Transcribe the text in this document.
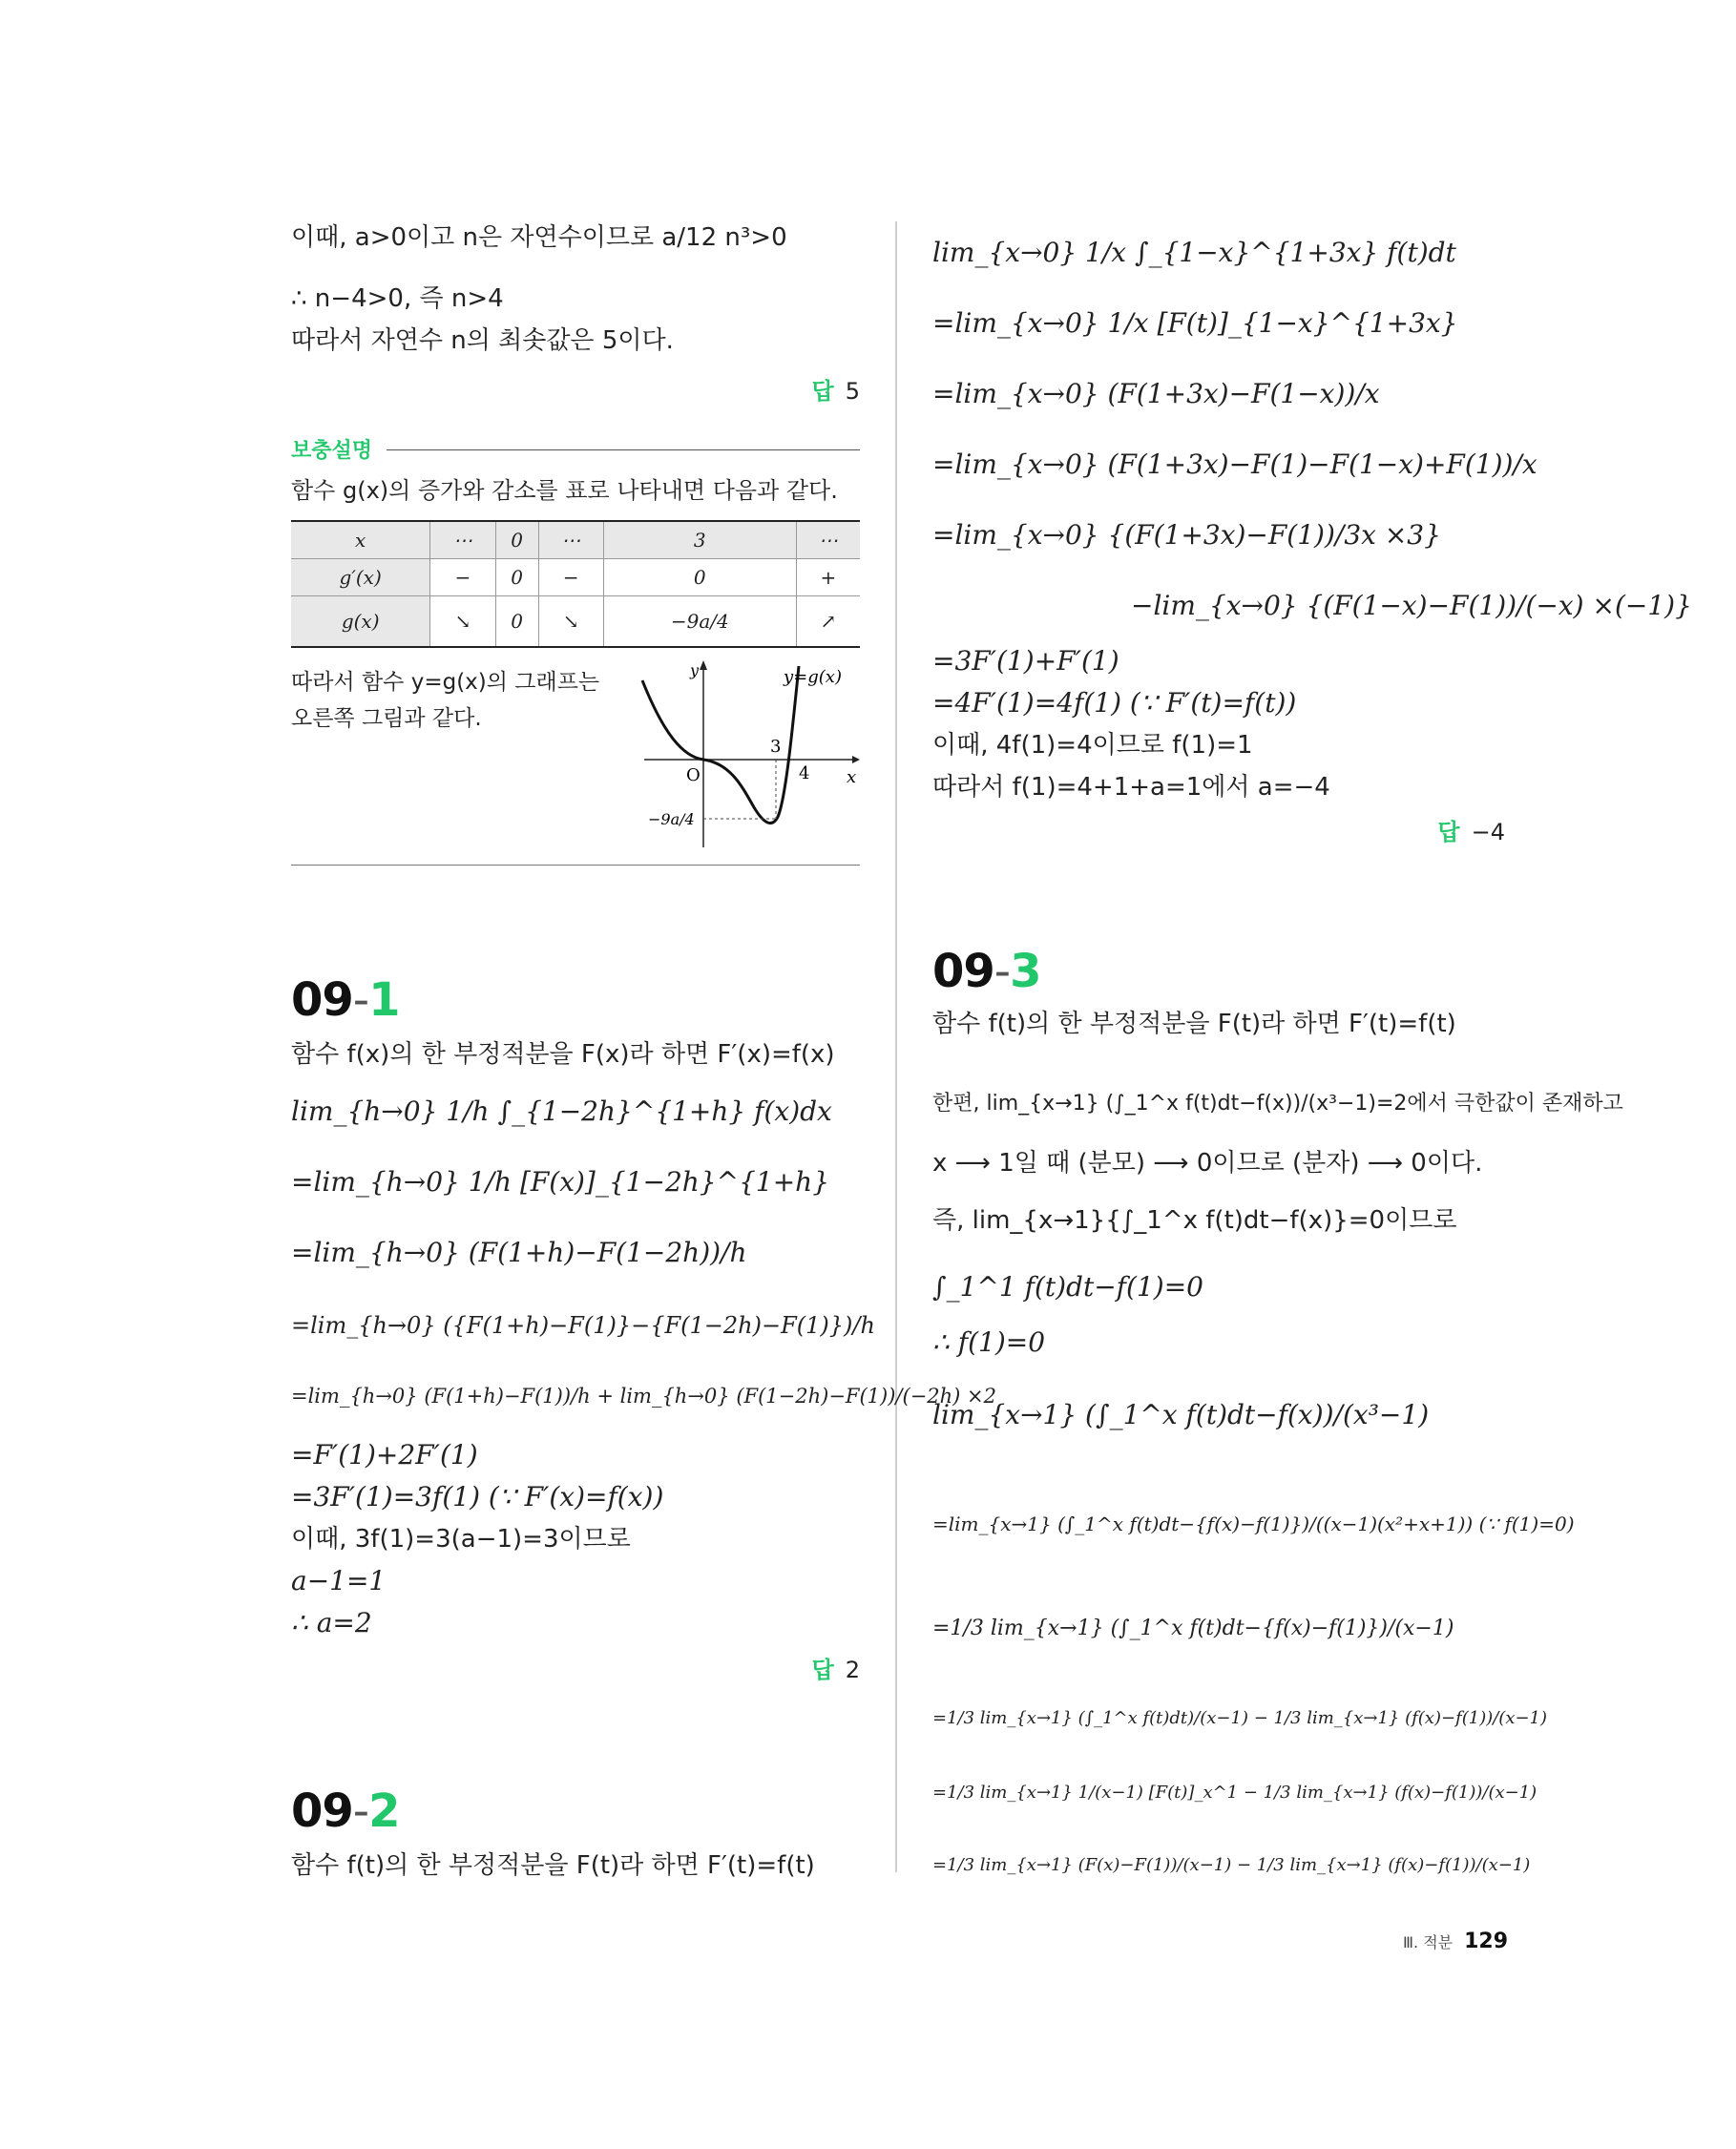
이때, a>0이고 n은 자연수이므로 a/12 n³>0
∴ n−4>0, 즉 n>4
따라서 자연수 n의 최솟값은 5이다.
답 5
보충설명
함수 g(x)의 증가와 감소를 표로 나타내면 다음과 같다.
x	⋯	0	⋯	3	⋯
g′(x)	−	0	−	0	+
g(x)	↘	0	↘	−9a/4	↗
따라서 함수 y=g(x)의 그래프는
오른쪽 그림과 같다.
y
x
y=g(x)
O
3
4
−9a/4
09-1
함수 f(x)의 한 부정적분을 F(x)라 하면 F′(x)=f(x)
lim_{h→0} 1/h ∫_{1−2h}^{1+h} f(x)dx
=lim_{h→0} 1/h [F(x)]_{1−2h}^{1+h}
=lim_{h→0} (F(1+h)−F(1−2h))/h
=lim_{h→0} ({F(1+h)−F(1)}−{F(1−2h)−F(1)})/h
=lim_{h→0} (F(1+h)−F(1))/h + lim_{h→0} (F(1−2h)−F(1))/(−2h) ×2
=F′(1)+2F′(1)
=3F′(1)=3f(1) (∵ F′(x)=f(x))
이때, 3f(1)=3(a−1)=3이므로
a−1=1
∴ a=2
답 2
09-2
함수 f(t)의 한 부정적분을 F(t)라 하면 F′(t)=f(t)
lim_{x→0} 1/x ∫_{1−x}^{1+3x} f(t)dt
=lim_{x→0} 1/x [F(t)]_{1−x}^{1+3x}
=lim_{x→0} (F(1+3x)−F(1−x))/x
=lim_{x→0} (F(1+3x)−F(1)−F(1−x)+F(1))/x
=lim_{x→0} {(F(1+3x)−F(1))/3x ×3}
−lim_{x→0} {(F(1−x)−F(1))/(−x) ×(−1)}
=3F′(1)+F′(1)
=4F′(1)=4f(1) (∵ F′(t)=f(t))
이때, 4f(1)=4이므로 f(1)=1
따라서 f(1)=4+1+a=1에서 a=−4
답 −4
09-3
함수 f(t)의 한 부정적분을 F(t)라 하면 F′(t)=f(t)
한편, lim_{x→1} (∫_1^x f(t)dt−f(x))/(x³−1)=2에서 극한값이 존재하고
x ⟶ 1일 때 (분모) ⟶ 0이므로 (분자) ⟶ 0이다.
즉, lim_{x→1}{∫_1^x f(t)dt−f(x)}=0이므로
∫_1^1 f(t)dt−f(1)=0
∴ f(1)=0
lim_{x→1} (∫_1^x f(t)dt−f(x))/(x³−1)
=lim_{x→1} (∫_1^x f(t)dt−{f(x)−f(1)})/((x−1)(x²+x+1)) (∵ f(1)=0)
=1/3 lim_{x→1} (∫_1^x f(t)dt−{f(x)−f(1)})/(x−1)
=1/3 lim_{x→1} (∫_1^x f(t)dt)/(x−1) − 1/3 lim_{x→1} (f(x)−f(1))/(x−1)
=1/3 lim_{x→1} 1/(x−1) [F(t)]_x^1 − 1/3 lim_{x→1} (f(x)−f(1))/(x−1)
=1/3 lim_{x→1} (F(x)−F(1))/(x−1) − 1/3 lim_{x→1} (f(x)−f(1))/(x−1)
Ⅲ. 적분 129
